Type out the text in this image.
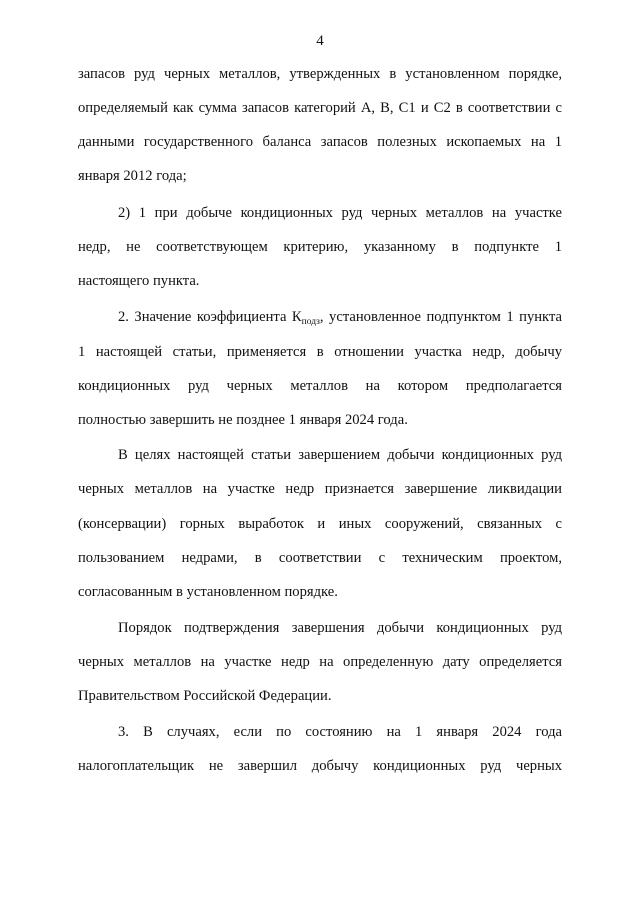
4
запасов руд черных металлов, утвержденных в установленном порядке,
определяемый как сумма запасов категорий А, В, С1 и С2 в соответствии с
данными государственного баланса запасов полезных ископаемых на 1
января 2012 года;
2) 1 при добыче кондиционных руд черных металлов на участке
недр, не соответствующем критерию, указанному в подпункте 1
настоящего пункта.
2. Значение коэффициента $К_{подз}$, установленное подпунктом 1 пункта
1 настоящей статьи, применяется в отношении участка недр, добычу
кондиционных руд черных металлов на котором предполагается
полностью завершить не позднее 1 января 2024 года.
В целях настоящей статьи завершением добычи кондиционных руд
черных металлов на участке недр признается завершение ликвидации
(консервации) горных выработок и иных сооружений, связанных с
пользованием недрами, в соответствии с техническим проектом,
согласованным в установленном порядке.
Порядок подтверждения завершения добычи кондиционных руд
черных металлов на участке недр на определенную дату определяется
Правительством Российской Федерации.
3. В случаях, если по состоянию на 1 января 2024 года
налогоплательщик не завершил добычу кондиционных руд черных
